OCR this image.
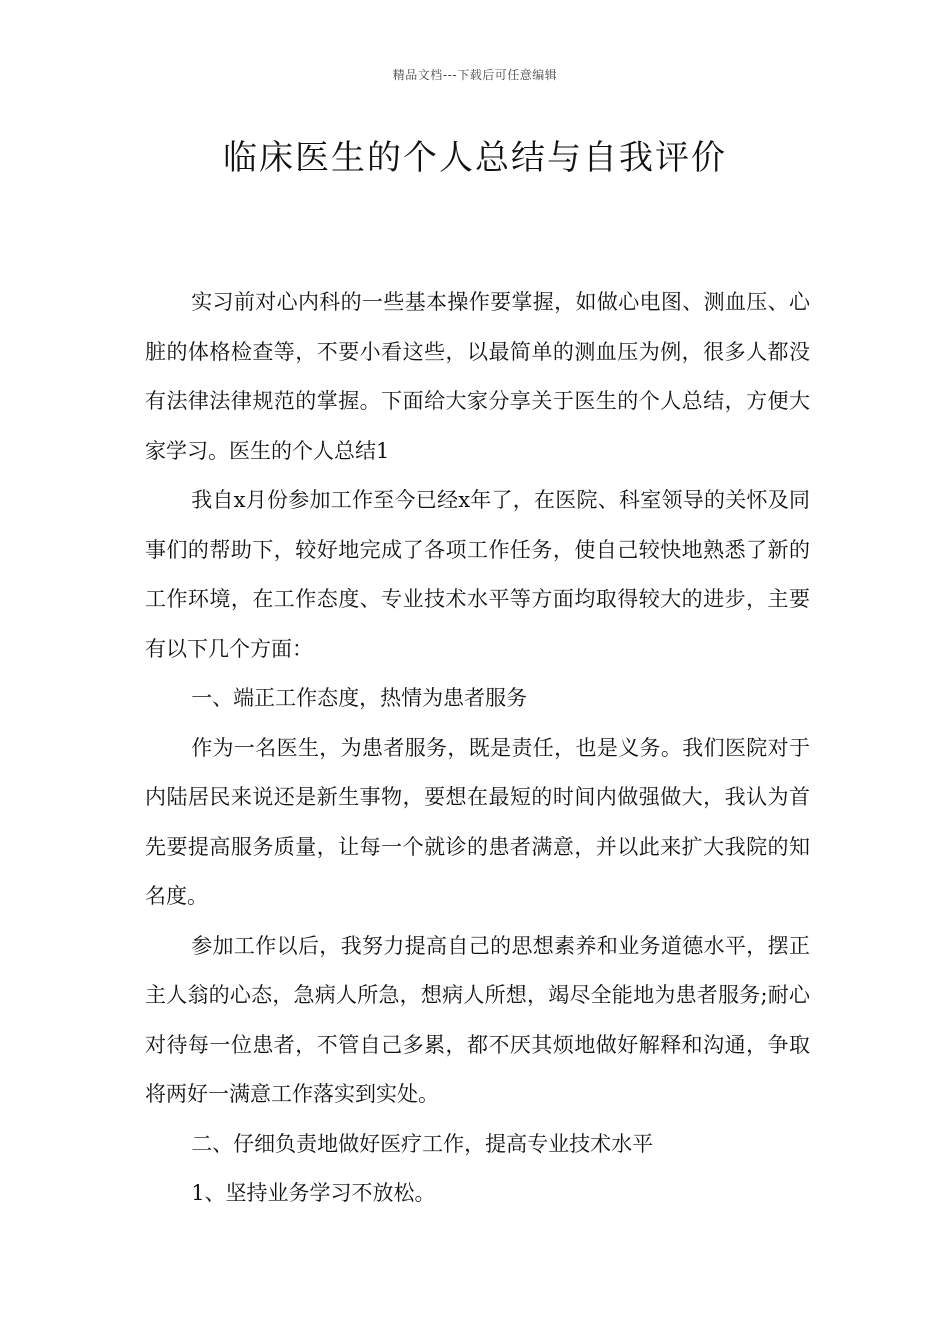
精品文档---下载后可任意编辑
临床医生的个人总结与自我评价

实习前对心内科的一些基本操作要掌握，如做心电图、测血压、心脏的体格检查等，不要小看这些，以最简单的测血压为例，很多人都没有法律法律规范的掌握。下面给大家分享关于医生的个人总结，方便大家学习。医生的个人总结1

我自x月份参加工作至今已经x年了，在医院、科室领导的关怀及同事们的帮助下，较好地完成了各项工作任务，使自己较快地熟悉了新的工作环境，在工作态度、专业技术水平等方面均取得较大的进步，主要有以下几个方面：

一、端正工作态度，热情为患者服务

作为一名医生，为患者服务，既是责任，也是义务。我们医院对于内陆居民来说还是新生事物，要想在最短的时间内做强做大，我认为首先要提高服务质量，让每一个就诊的患者满意，并以此来扩大我院的知名度。

参加工作以后，我努力提高自己的思想素养和业务道德水平，摆正主人翁的心态，急病人所急，想病人所想，竭尽全能地为患者服务;耐心对待每一位患者，不管自己多累，都不厌其烦地做好解释和沟通，争取将两好一满意工作落实到实处。

二、仔细负责地做好医疗工作，提高专业技术水平

1、坚持业务学习不放松。
